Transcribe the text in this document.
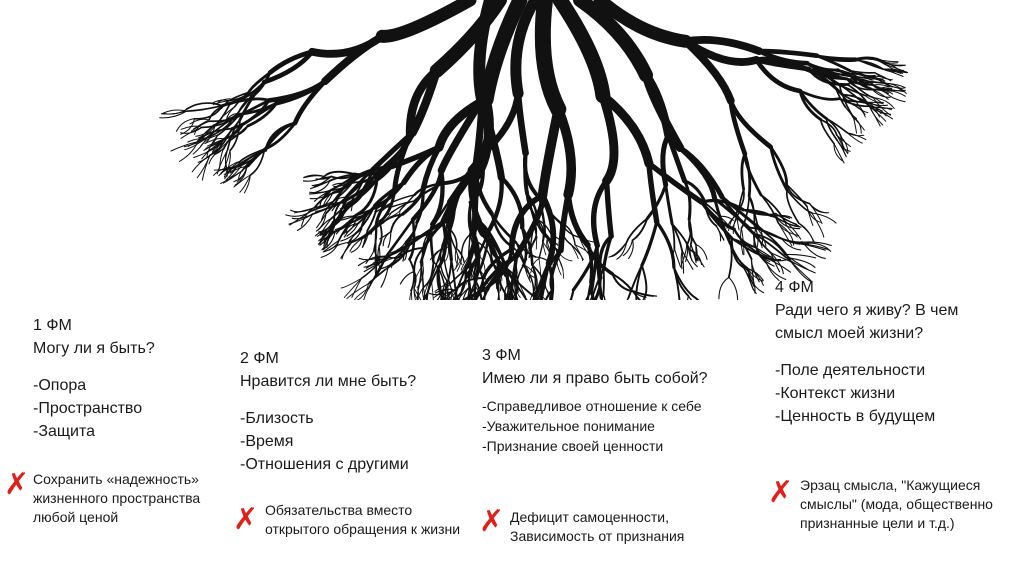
1 ФМ
Могу ли я быть?
-Опора
-Пространство
-Защита
✗ Сохранить «надежность» жизненного пространства любой ценой
2 ФМ
Нравится ли мне быть?
-Близость
-Время
-Отношения с другими
✗ Обязательства вместо открытого обращения к жизни
3 ФМ
Имею ли я право быть собой?
-Справедливое отношение к себе
-Уважительное понимание
-Признание своей ценности
✗ Дефицит самоценности, Зависимость от признания
4 ФМ
Ради чего я живу? В чем смысл моей жизни?
-Поле деятельности
-Контекст жизни
-Ценность в будущем
✗ Эрзац смысла, "Кажущиеся смыслы" (мода, общественно признанные цели и т.д.)
